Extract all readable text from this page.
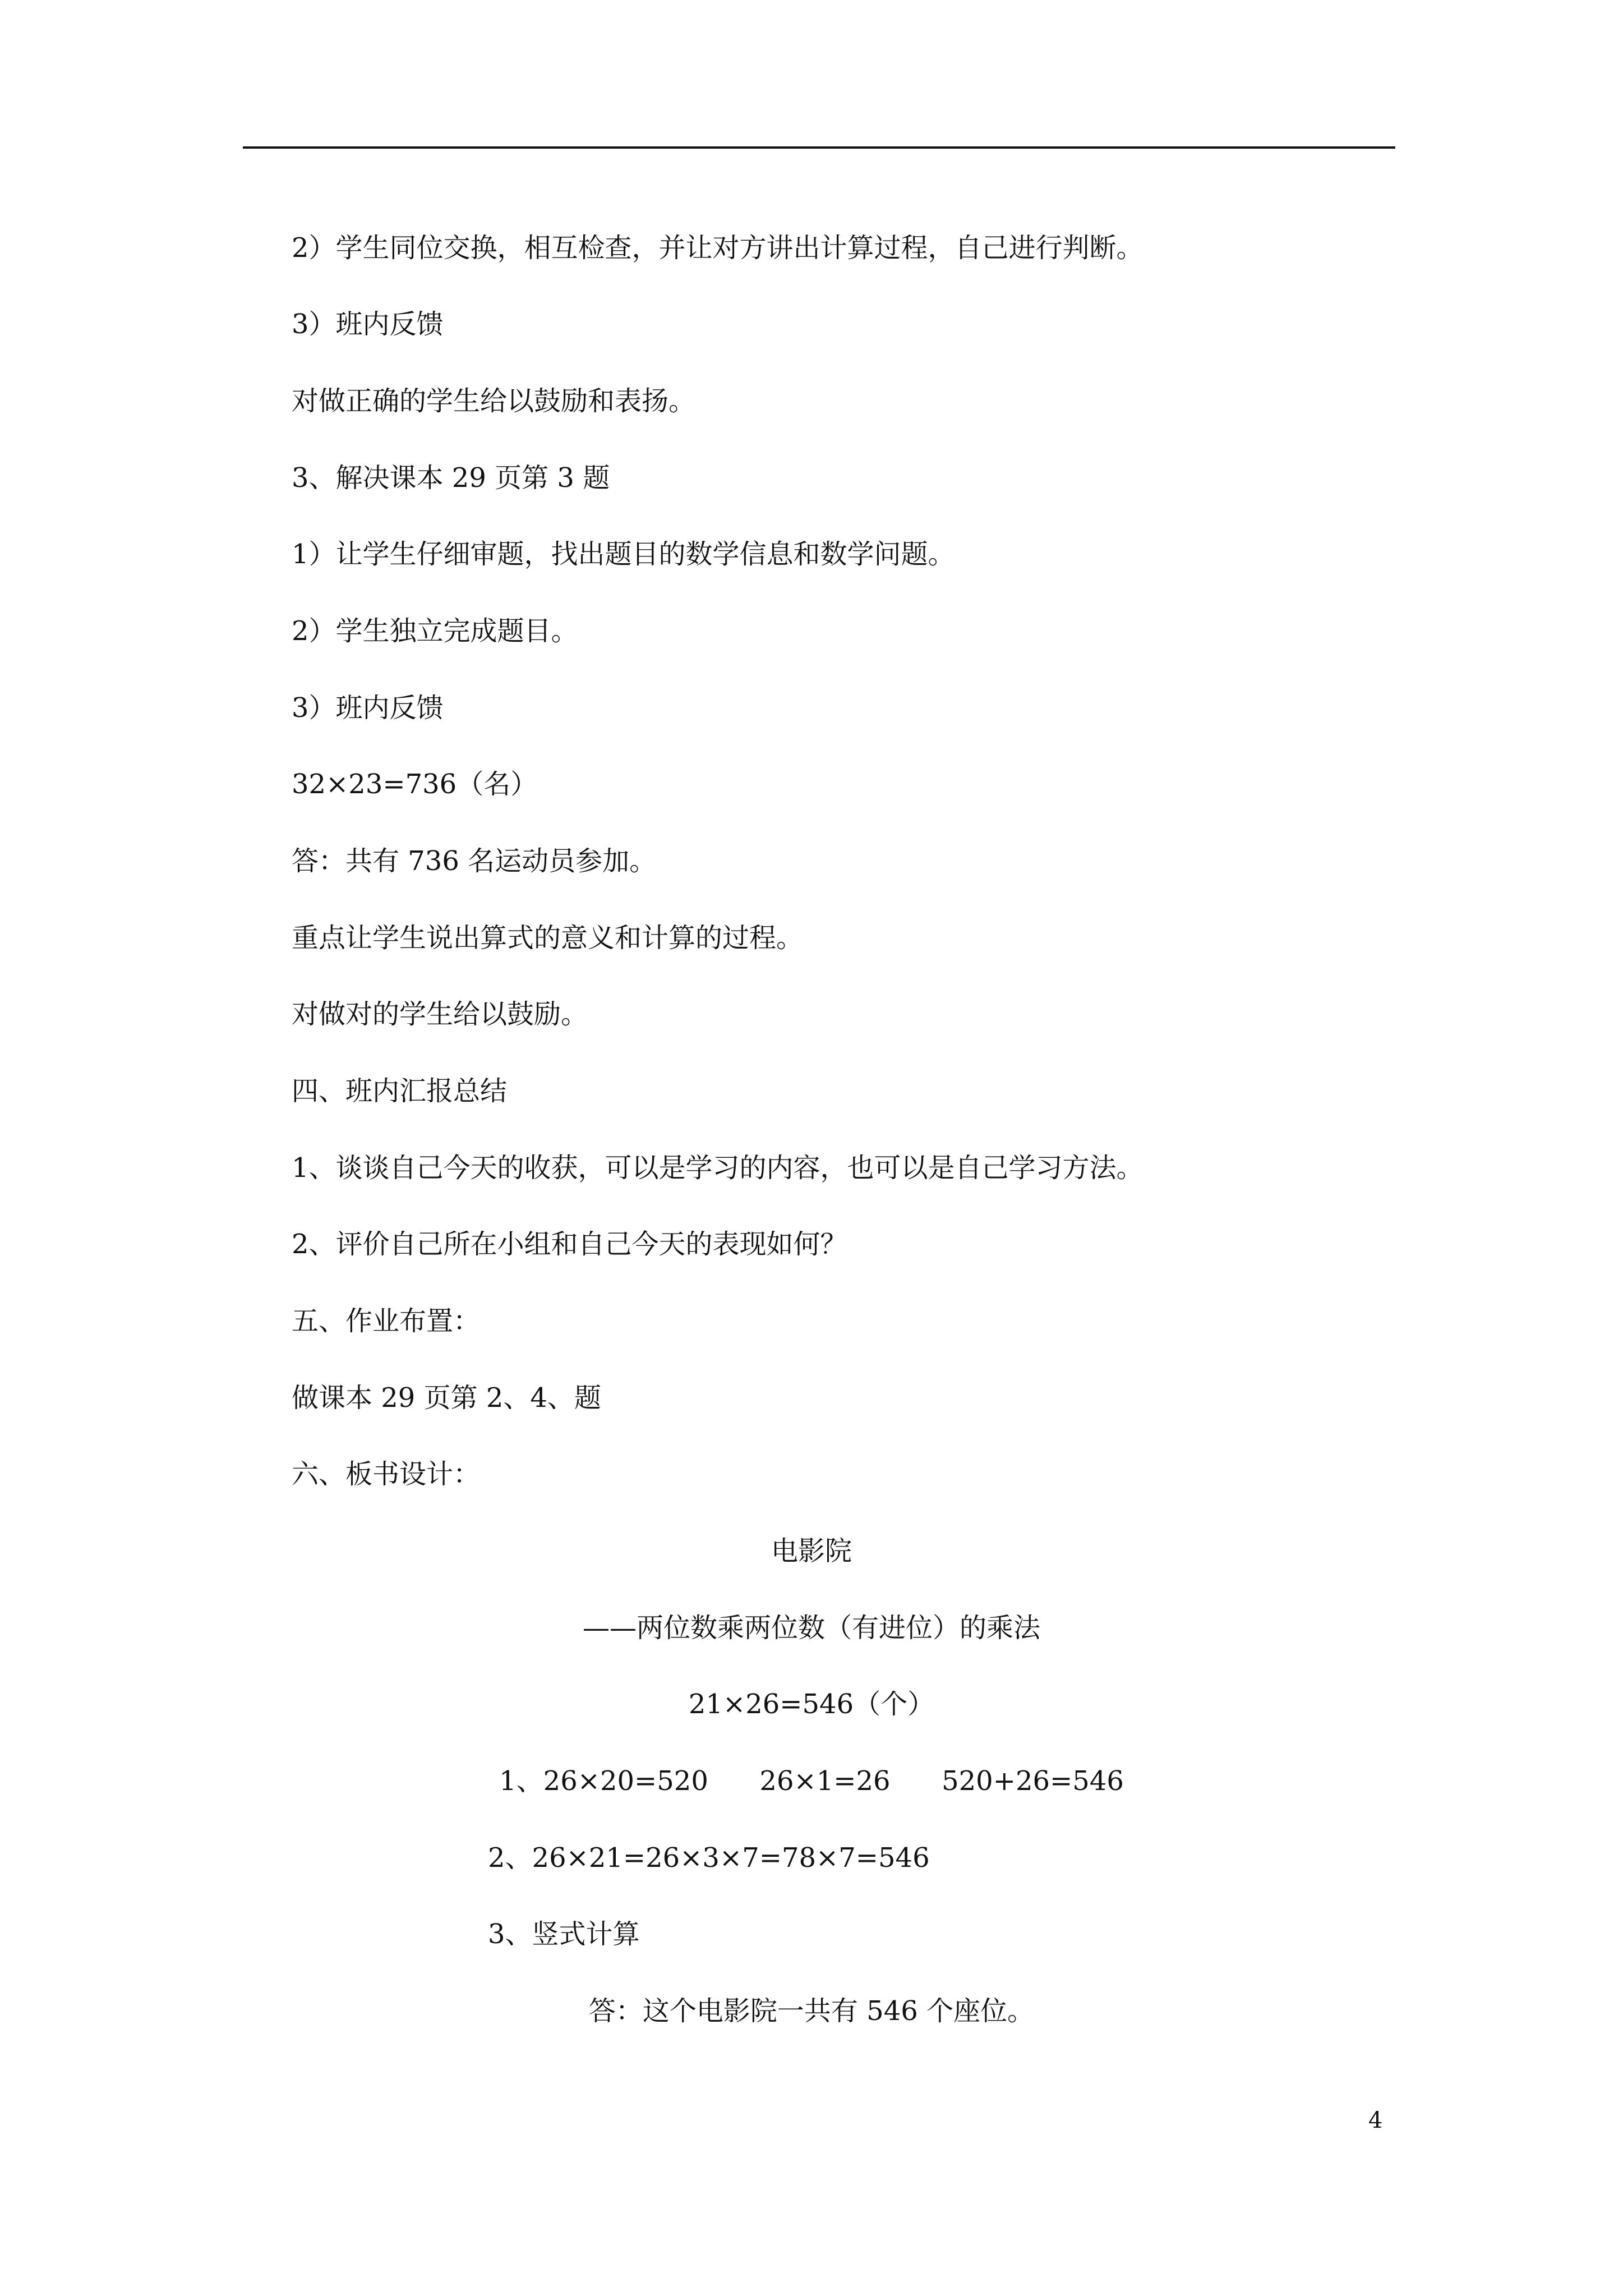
2）学生同位交换，相互检查，并让对方讲出计算过程，自己进行判断。
3）班内反馈
对做正确的学生给以鼓励和表扬。
3、解决课本 29 页第 3 题
1）让学生仔细审题，找出题目的数学信息和数学问题。
2）学生独立完成题目。
3）班内反馈
32×23=736（名）
答：共有 736 名运动员参加。
重点让学生说出算式的意义和计算的过程。
对做对的学生给以鼓励。
四、班内汇报总结
1、谈谈自己今天的收获，可以是学习的内容，也可以是自己学习方法。
2、评价自己所在小组和自己今天的表现如何？
五、作业布置：
做课本 29 页第 2、4、题
六、板书设计：
电影院
——两位数乘两位数（有进位）的乘法
21×26=546（个）
1、26×20=520      26×1=26      520+26=546
2、26×21=26×3×7=78×7=546
3、竖式计算
答：这个电影院一共有 546 个座位。
4
